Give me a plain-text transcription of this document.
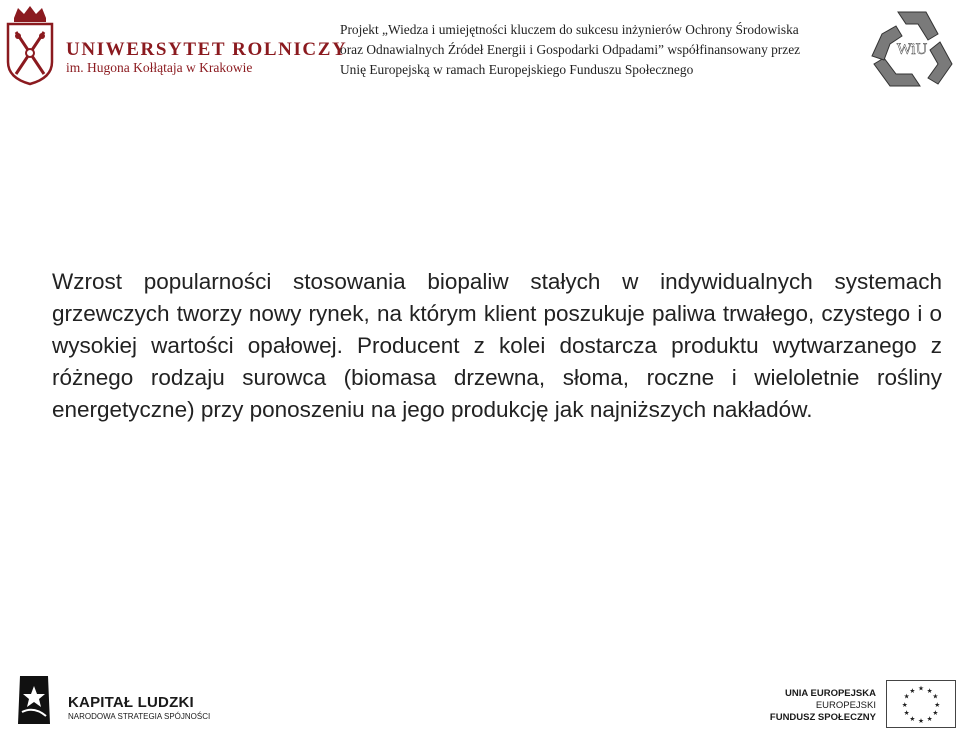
UNIWERSYTET ROLNICZY
im. Hugona Kołłątaja w Krakowie
Projekt „Wiedza i umiejętności kluczem do sukcesu inżynierów Ochrony Środowiska
oraz Odnawialnych Źródeł Energii i Gospodarki Odpadami” współfinansowany przez
Unię Europejską w ramach Europejskiego Funduszu Społecznego
WiU
Wzrost popularności stosowania biopaliw stałych w indywidualnych systemach grzewczych tworzy nowy rynek, na którym klient poszukuje paliwa trwałego, czystego i o wysokiej wartości opałowej. Producent z kolei dostarcza produktu wytwarzanego z różnego rodzaju surowca (biomasa drzewna, słoma, roczne i wieloletnie rośliny energetyczne) przy ponoszeniu na jego produkcję jak najniższych nakładów.
KAPITAŁ LUDZKI
NARODOWA STRATEGIA SPÓJNOŚCI
UNIA EUROPEJSKA
EUROPEJSKI
FUNDUSZ SPOŁECZNY
★ ★
★
★
★
★
★
★
★
★
★
★
